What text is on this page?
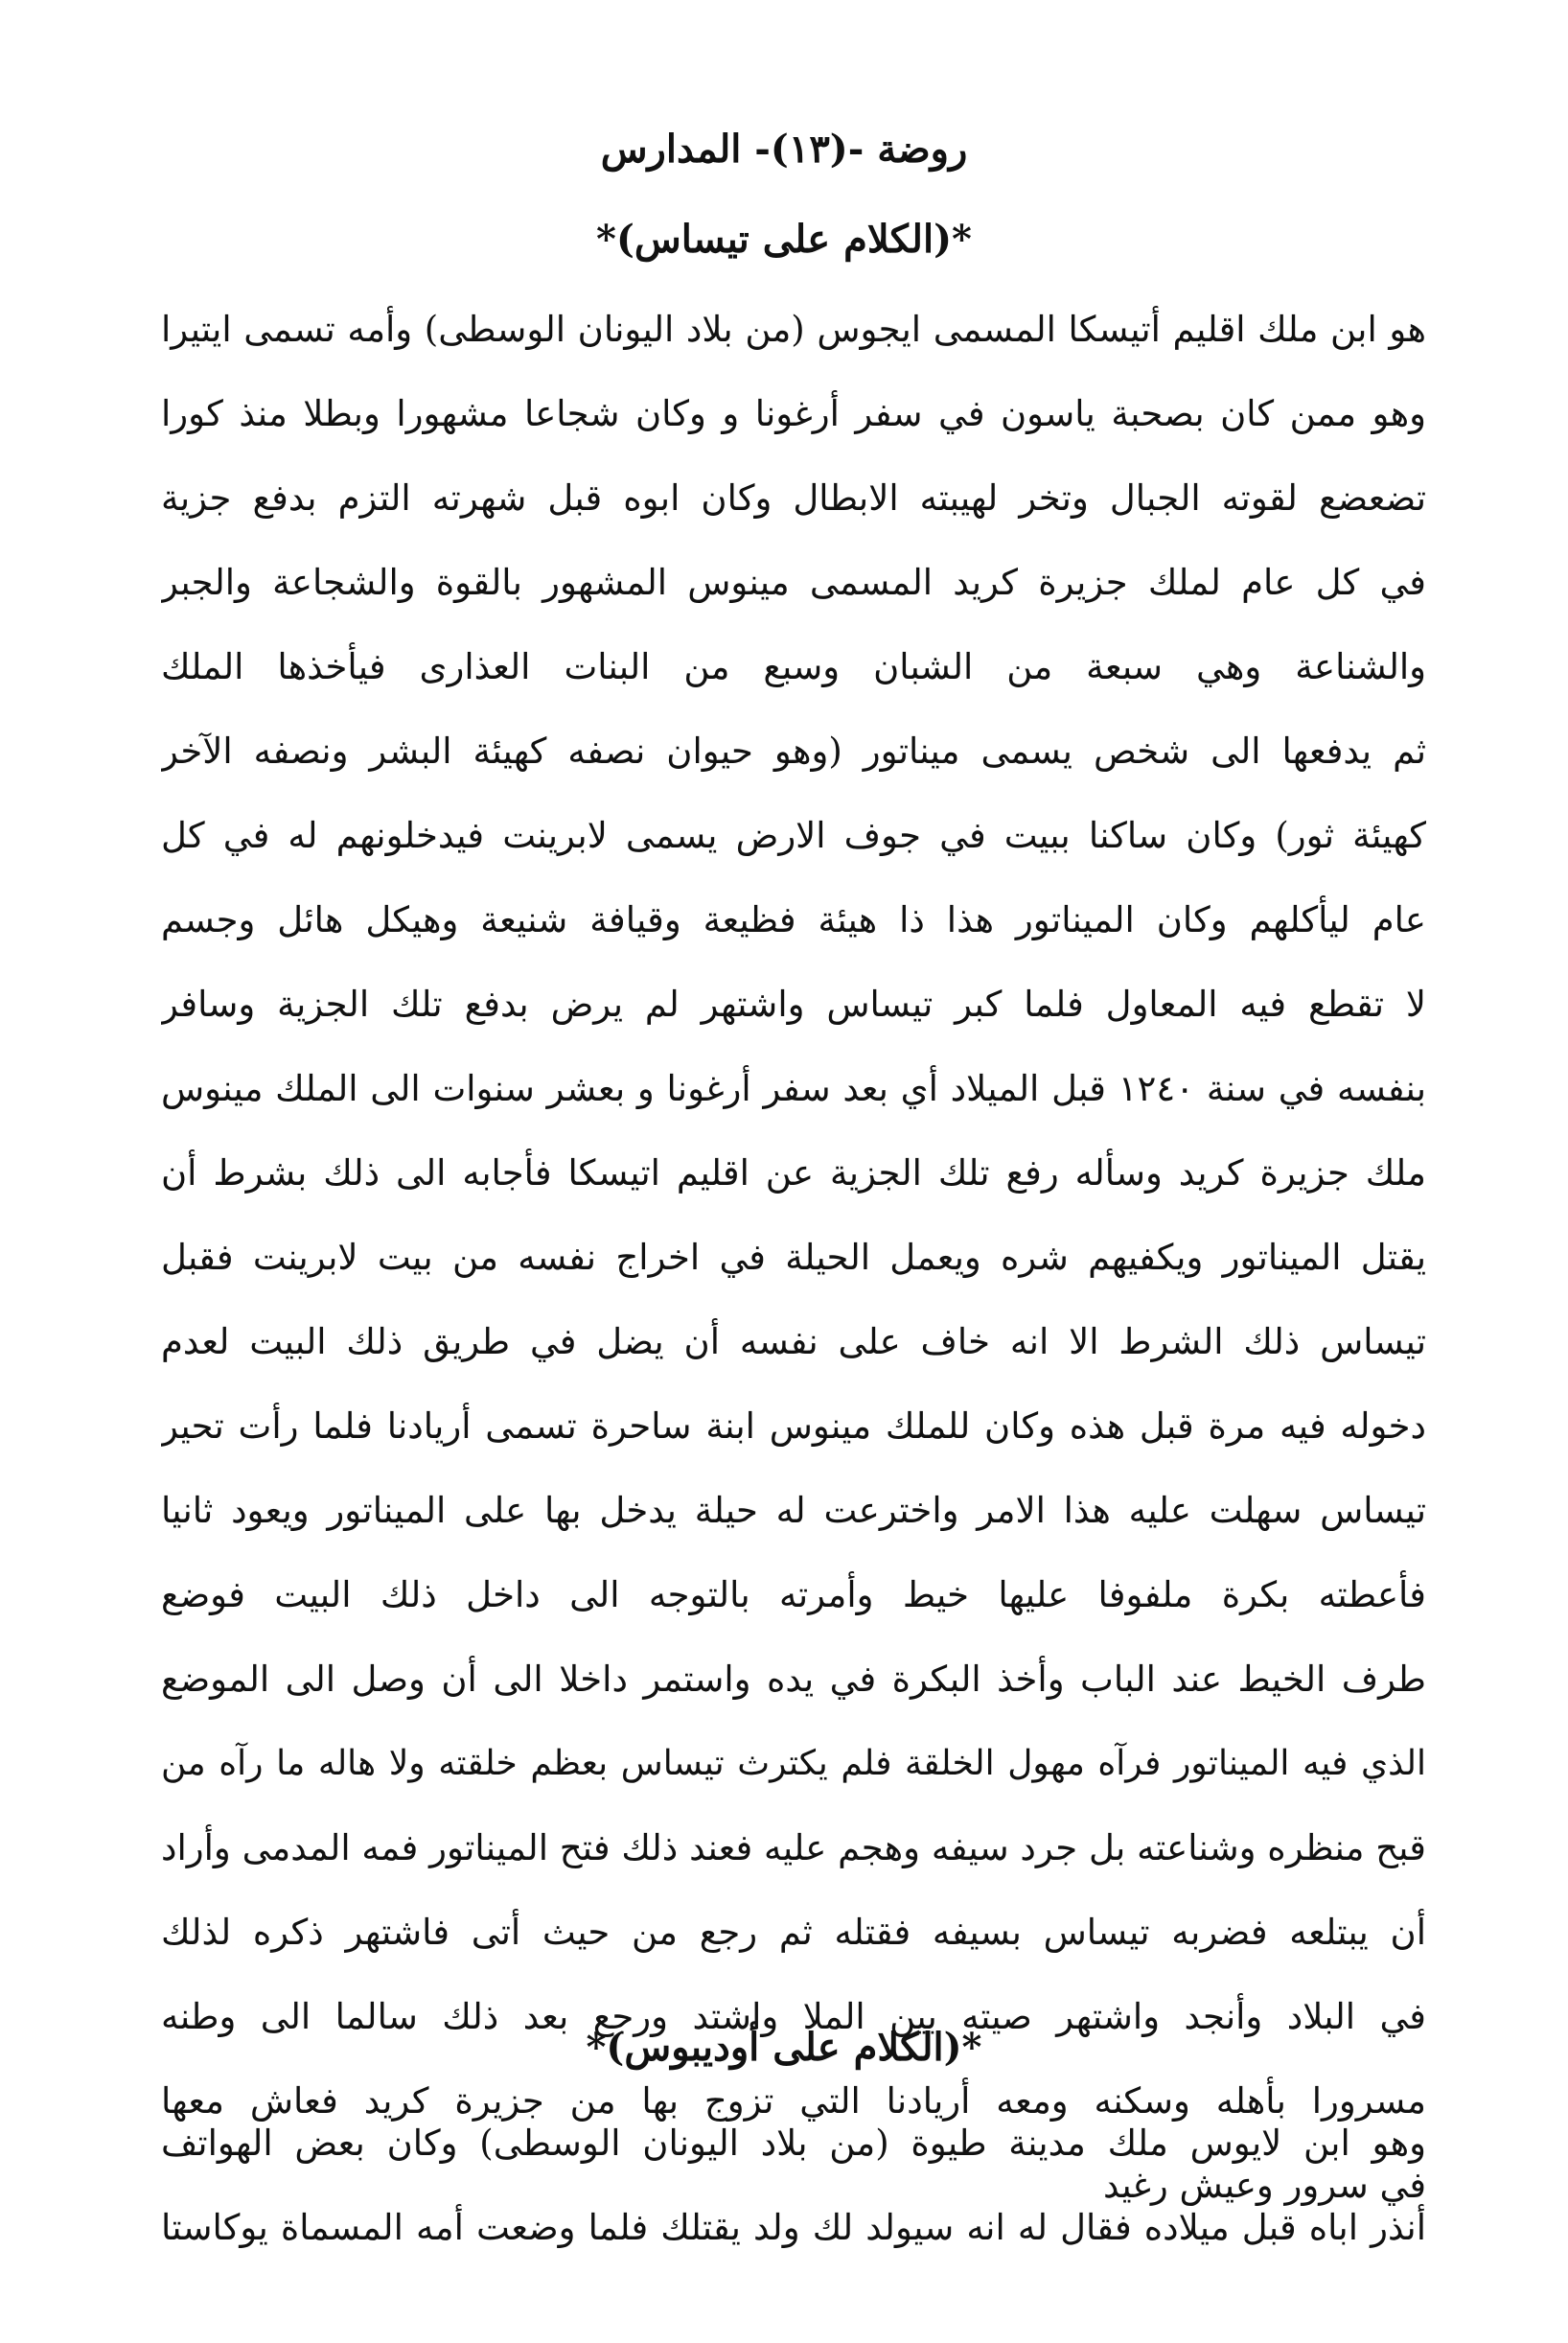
روضة -(١٣)- المدارس
*(الكلام على تيساس)*
هو ابن ملك اقليم أتيسكا المسمى ايجوس (من بلاد اليونان الوسطى) وأمه تسمى ايتيرا
وهو ممن كان بصحبة ياسون في سفر أرغونا و وكان شجاعا مشهورا وبطلا منذ كورا
تضعضع لقوته الجبال وتخر لهيبته الابطال وكان ابوه قبل شهرته التزم بدفع جزية
في كل عام لملك جزيرة كريد المسمى مينوس المشهور بالقوة والشجاعة والجبر
والشناعة وهي سبعة من الشبان وسبع من البنات العذارى فيأخذها الملك
ثم يدفعها الى شخص يسمى ميناتور (وهو حيوان نصفه كهيئة البشر ونصفه الآخر
كهيئة ثور) وكان ساكنا ببيت في جوف الارض يسمى لابرينت فيدخلونهم له في كل
عام ليأكلهم وكان الميناتور هذا ذا هيئة فظيعة وقيافة شنيعة وهيكل هائل وجسم
لا تقطع فيه المعاول فلما كبر تيساس واشتهر لم يرض بدفع تلك الجزية وسافر
بنفسه في سنة ١٢٤٠ قبل الميلاد أي بعد سفر أرغونا و بعشر سنوات الى الملك مينوس
ملك جزيرة كريد وسأله رفع تلك الجزية عن اقليم اتيسكا فأجابه الى ذلك بشرط أن
يقتل الميناتور ويكفيهم شره ويعمل الحيلة في اخراج نفسه من بيت لابرينت فقبل
تيساس ذلك الشرط الا انه خاف على نفسه أن يضل في طريق ذلك البيت لعدم
دخوله فيه مرة قبل هذه وكان للملك مينوس ابنة ساحرة تسمى أريادنا فلما رأت تحير
تيساس سهلت عليه هذا الامر واخترعت له حيلة يدخل بها على الميناتور ويعود ثانيا
فأعطته بكرة ملفوفا عليها خيط وأمرته بالتوجه الى داخل ذلك البيت فوضع
طرف الخيط عند الباب وأخذ البكرة في يده واستمر داخلا الى أن وصل الى الموضع
الذي فيه الميناتور فرآه مهول الخلقة فلم يكترث تيساس بعظم خلقته ولا هاله ما رآه من
قبح منظره وشناعته بل جرد سيفه وهجم عليه فعند ذلك فتح الميناتور فمه المدمى وأراد
أن يبتلعه فضربه تيساس بسيفه فقتله ثم رجع من حيث أتى فاشتهر ذكره لذلك
في البلاد وأنجد واشتهر صيته بين الملا واشتد ورجع بعد ذلك سالما الى وطنه
مسرورا بأهله وسكنه ومعه أريادنا التي تزوج بها من جزيرة كريد فعاش معها
في سرور وعيش رغيد
*(الكلام على أوديبوس)*
وهو ابن لايوس ملك مدينة طيوة (من بلاد اليونان الوسطى) وكان بعض الهواتف
أنذر اباه قبل ميلاده فقال له انه سيولد لك ولد يقتلك فلما وضعت أمه المسماة يوكاستا
